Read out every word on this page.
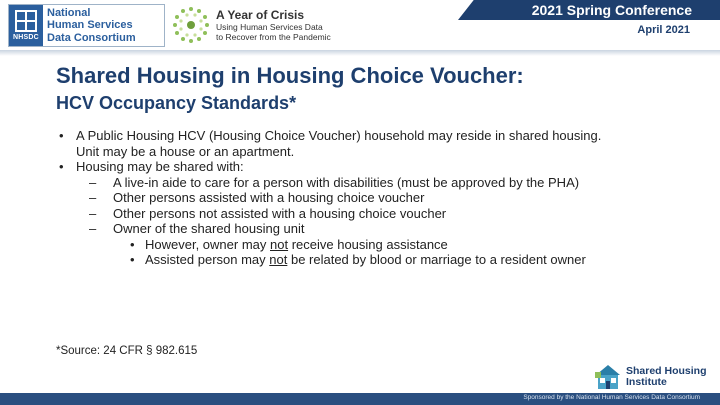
NHSDC
National
Human Services
Data Consortium
A Year of Crisis
Using Human Services Data
to Recover from the Pandemic
2021 Spring Conference
April 2021
Shared Housing in Housing Choice Voucher:
HCV Occupancy Standards*
• A Public Housing HCV (Housing Choice Voucher) household may reside in shared housing. Unit may be a house or an apartment.
• Housing may be shared with:
– A live-in aide to care for a person with disabilities (must be approved by the PHA)
– Other persons assisted with a housing choice voucher
– Other persons not assisted with a housing choice voucher
– Owner of the shared housing unit
• However, owner may not receive housing assistance
• Assisted person may not be related by blood or marriage to a resident owner
*Source: 24 CFR § 982.615
Shared Housing
Institute
Sponsored by the National Human Services Data Consortium
